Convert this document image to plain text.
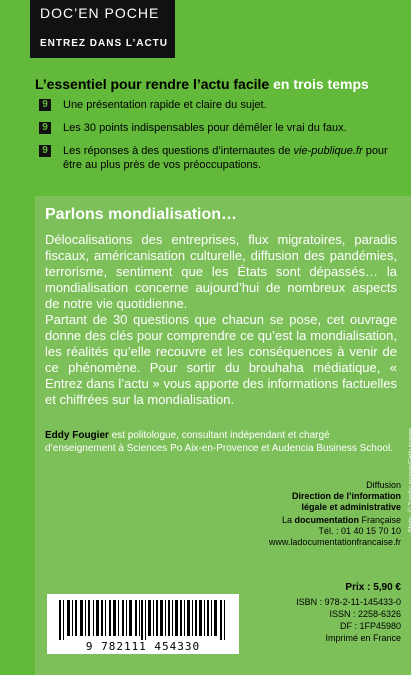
DOC’EN POCHE
ENTREZ DANS L’ACTU
L’essentiel pour rendre l’actu facile en trois temps
9 Une présentation rapide et claire du sujet.
9 Les 30 points indispensables pour démêler le vrai du faux.
9 Les réponses à des questions d’internautes de vie-publique.fr pour être au plus près de vos préoccupations.
Parlons mondialisation…

Délocalisations des entreprises, flux migratoires, paradis fiscaux, américanisation culturelle, diffusion des pandémies, terrorisme, sentiment que les États sont dépassés… la mondialisation concerne aujourd’hui de nombreux aspects de notre vie quotidienne.

Partant de 30 questions que chacun se pose, cet ouvrage donne des clés pour comprendre ce qu’est la mondialisation, les réalités qu’elle recouvre et les conséquences à venir de ce phénomène. Pour sortir du brouhaha médiatique, « Entrez dans l’actu » vous apporte des informations factuelles et chiffrées sur la mondialisation.

Eddy Fougier est politologue, consultant indépendant et chargé d’enseignement à Sciences Po Aix-en-Provence et Audencia Business School.
Diffusion
Direction de l’information
légale et administrative
La documentation Française
Tél. : 01 40 15 70 10
www.ladocumentationfrancaise.fr
Prix : 5,90 €
9 782111 454330
ISBN : 978-2-11-145433-0
ISSN : 2258-6326
DF : 1FP45980
Imprimé en France
Photo : © Tongho images/Getty images
